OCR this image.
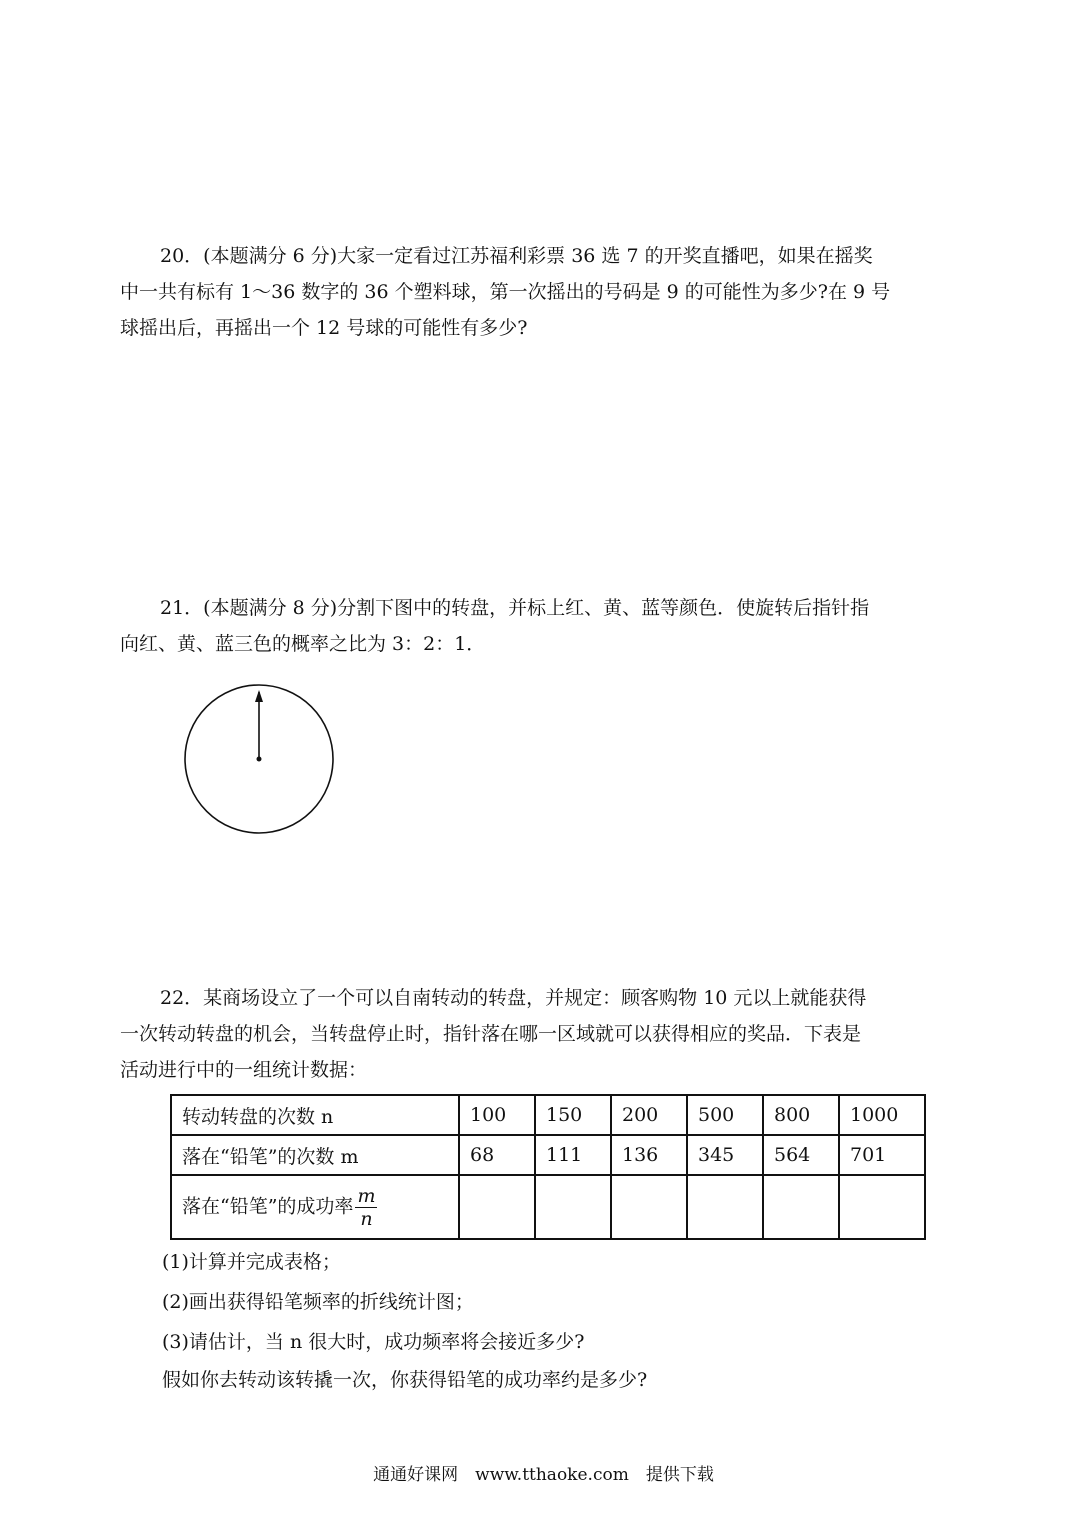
20．(本题满分 6 分)大家一定看过江苏福利彩票 36 选 7 的开奖直播吧，如果在摇奖
中一共有标有 1～36 数字的 36 个塑料球，第一次摇出的号码是 9 的可能性为多少?在 9 号
球摇出后，再摇出一个 12 号球的可能性有多少?
21．(本题满分 8 分)分割下图中的转盘，并标上红、黄、蓝等颜色．使旋转后指针指
向红、黄、蓝三色的概率之比为 3：2：1．
22．某商场设立了一个可以自南转动的转盘，并规定：顾客购物 10 元以上就能获得
一次转动转盘的机会，当转盘停止时，指针落在哪一区域就可以获得相应的奖品．下表是
活动进行中的一组统计数据：
转动转盘的次数 n	100	150	200	500	800	1000
落在“铅笔”的次数 m	68	111	136	345	564	701
落在“铅笔”的成功率 $\frac{m}{n}$

(1)计算并完成表格；

(2)画出获得铅笔频率的折线统计图；

(3)请估计，当 n 很大时，成功频率将会接近多少?

假如你去转动该转撬一次，你获得铅笔的成功率约是多少?

通通好课网　www.tthaoke.com　提供下载
